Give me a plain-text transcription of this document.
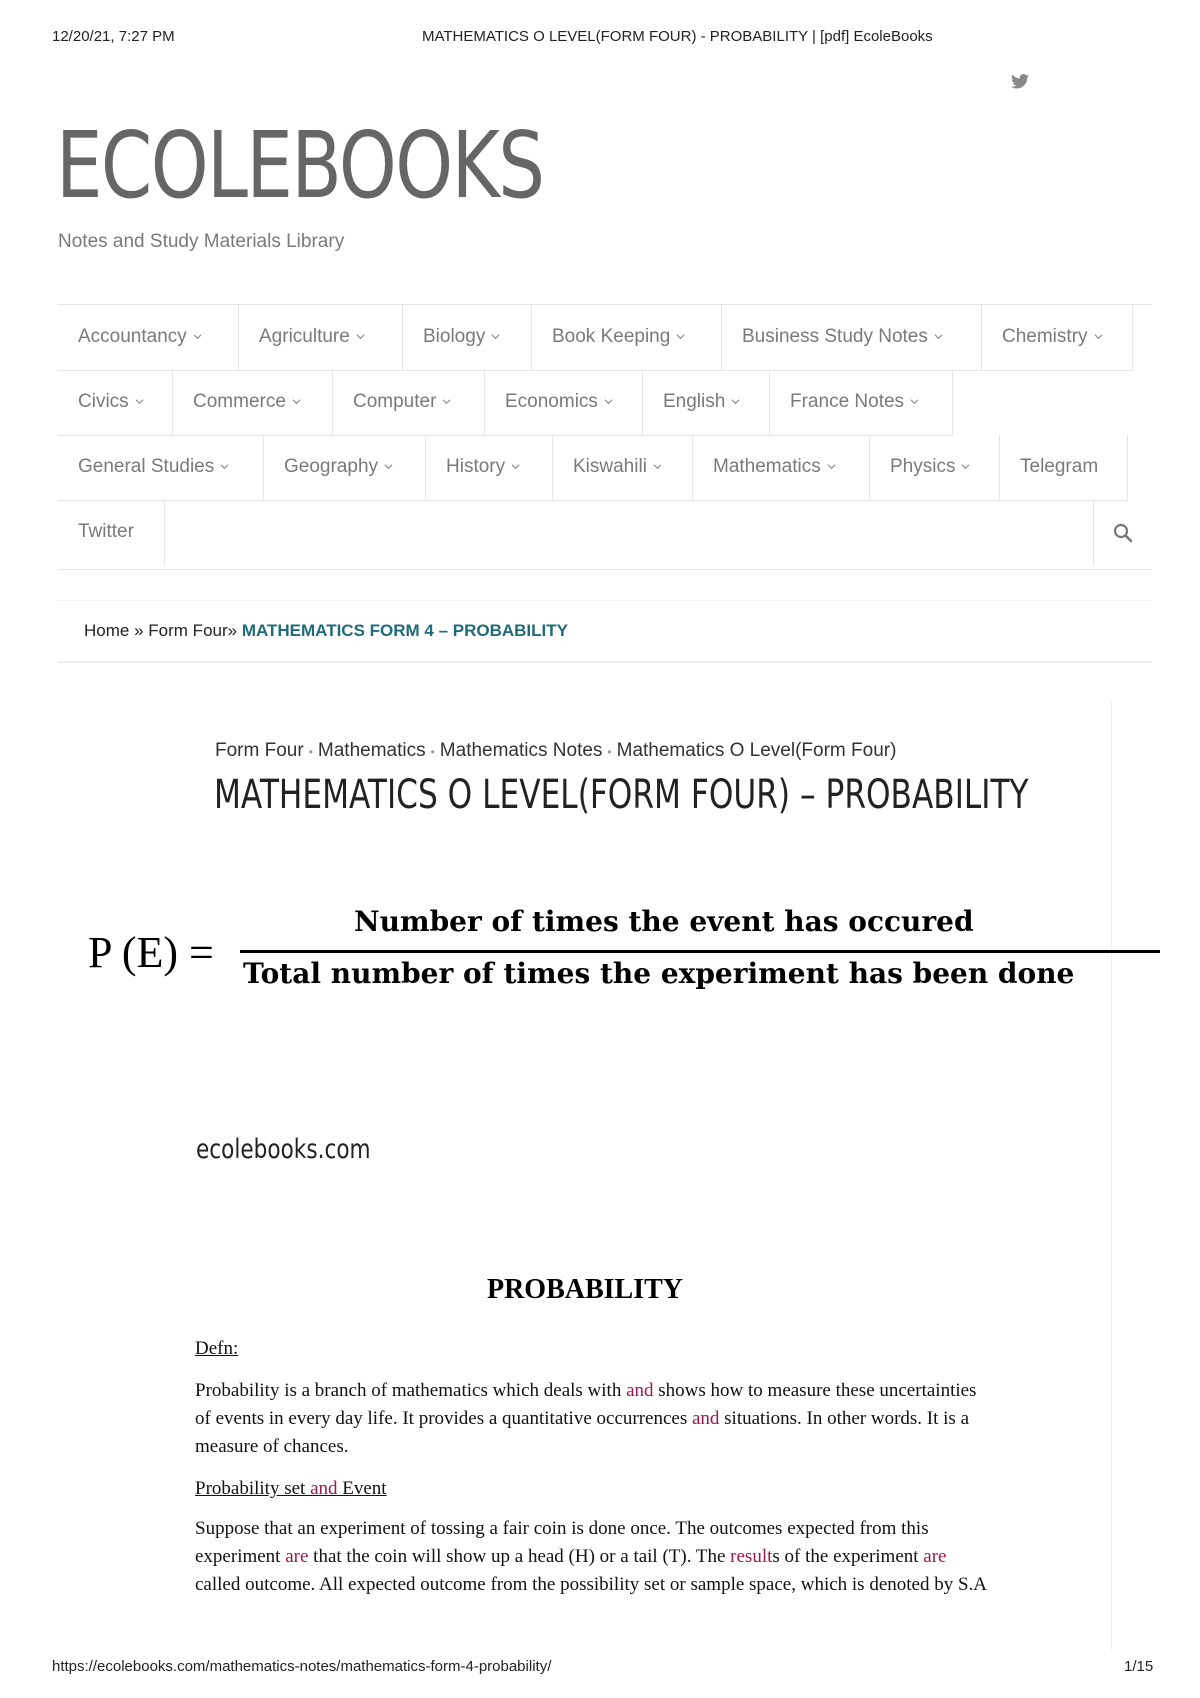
12/20/21, 7:27 PM	MATHEMATICS O LEVEL(FORM FOUR) - PROBABILITY | [pdf] EcoleBooks
ECOLEBOOKS
Notes and Study Materials Library
Accountancy	Agriculture	Biology	Book Keeping	Business Study Notes	Chemistry
Civics	Commerce	Computer	Economics	English	France Notes
General Studies	Geography	History	Kiswahili	Mathematics	Physics	Telegram
Twitter
Home » Form Four» MATHEMATICS FORM 4 – PROBABILITY
Form Four • Mathematics • Mathematics Notes • Mathematics O Level(Form Four)
MATHEMATICS O LEVEL(FORM FOUR) – PROBABILITY
P (E) =
Number of times the event has occured
Total number of times the experiment has been done
ecolebooks.com
PROBABILITY
Defn:
Probability is a branch of mathematics which deals with and shows how to measure these uncertainties of events in every day life. It provides a quantitative occurrences and situations. In other words. It is a measure of chances.
Probability set and Event
Suppose that an experiment of tossing a fair coin is done once. The outcomes expected from this experiment are that the coin will show up a head (H) or a tail (T). The results of the experiment are called outcome. All expected outcome from the possibility set or sample space, which is denoted by S.A
https://ecolebooks.com/mathematics-notes/mathematics-form-4-probability/	1/15
